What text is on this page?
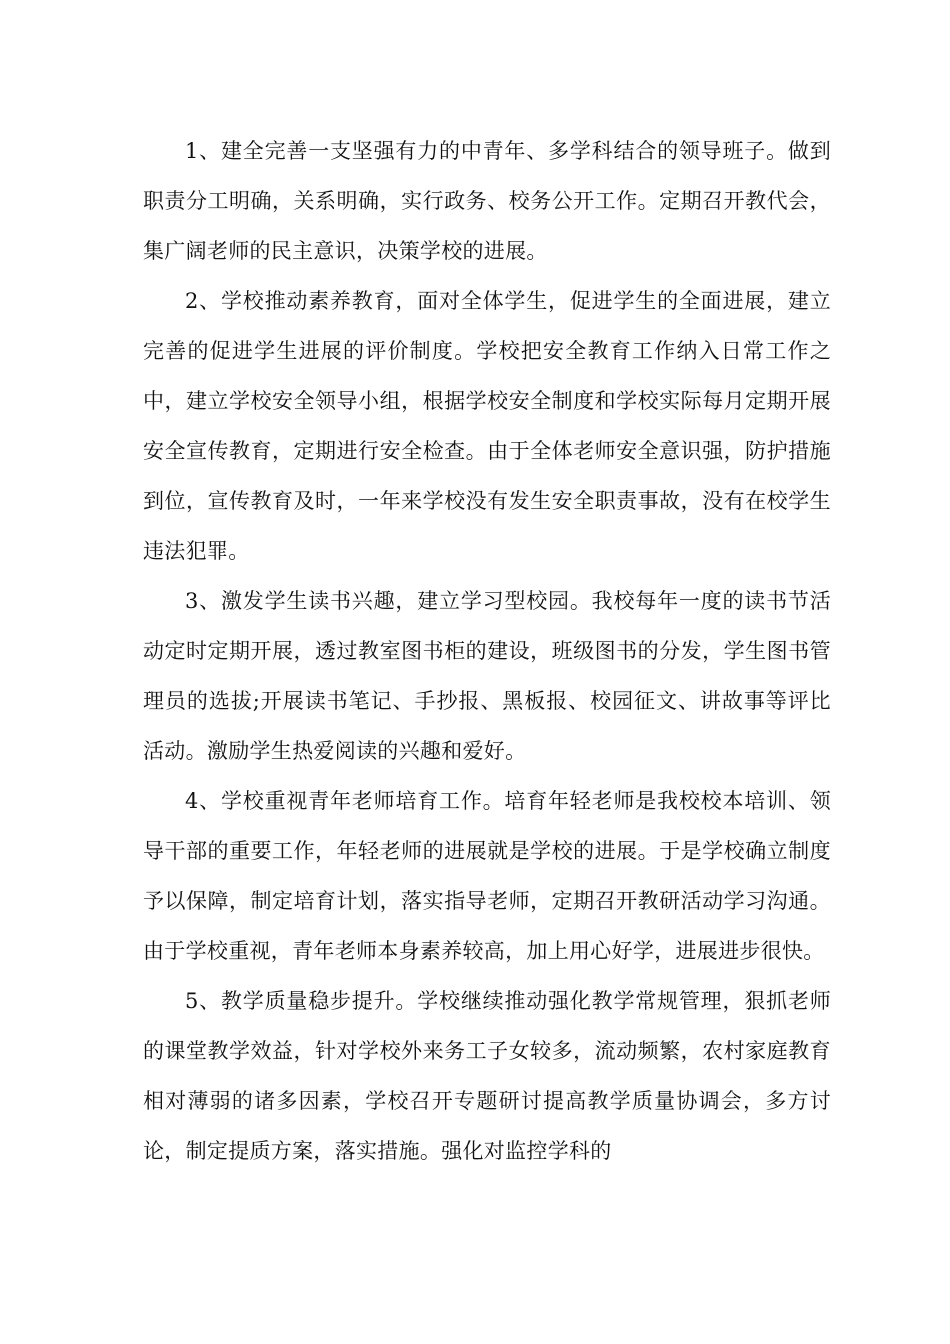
1、建全完善一支坚强有力的中青年、多学科结合的领导班子。做到职责分工明确，关系明确，实行政务、校务公开工作。定期召开教代会，集广阔老师的民主意识，决策学校的进展。

2、学校推动素养教育，面对全体学生，促进学生的全面进展，建立完善的促进学生进展的评价制度。学校把安全教育工作纳入日常工作之中，建立学校安全领导小组，根据学校安全制度和学校实际每月定期开展安全宣传教育，定期进行安全检查。由于全体老师安全意识强，防护措施到位，宣传教育及时，一年来学校没有发生安全职责事故，没有在校学生违法犯罪。

3、激发学生读书兴趣，建立学习型校园。我校每年一度的读书节活动定时定期开展，透过教室图书柜的建设，班级图书的分发，学生图书管理员的选拔;开展读书笔记、手抄报、黑板报、校园征文、讲故事等评比活动。激励学生热爱阅读的兴趣和爱好。

4、学校重视青年老师培育工作。培育年轻老师是我校校本培训、领导干部的重要工作，年轻老师的进展就是学校的进展。于是学校确立制度予以保障，制定培育计划，落实指导老师，定期召开教研活动学习沟通。由于学校重视，青年老师本身素养较高，加上用心好学，进展进步很快。

5、教学质量稳步提升。学校继续推动强化教学常规管理，狠抓老师的课堂教学效益，针对学校外来务工子女较多，流动频繁，农村家庭教育相对薄弱的诸多因素，学校召开专题研讨提高教学质量协调会，多方讨论，制定提质方案，落实措施。强化对监控学科的
